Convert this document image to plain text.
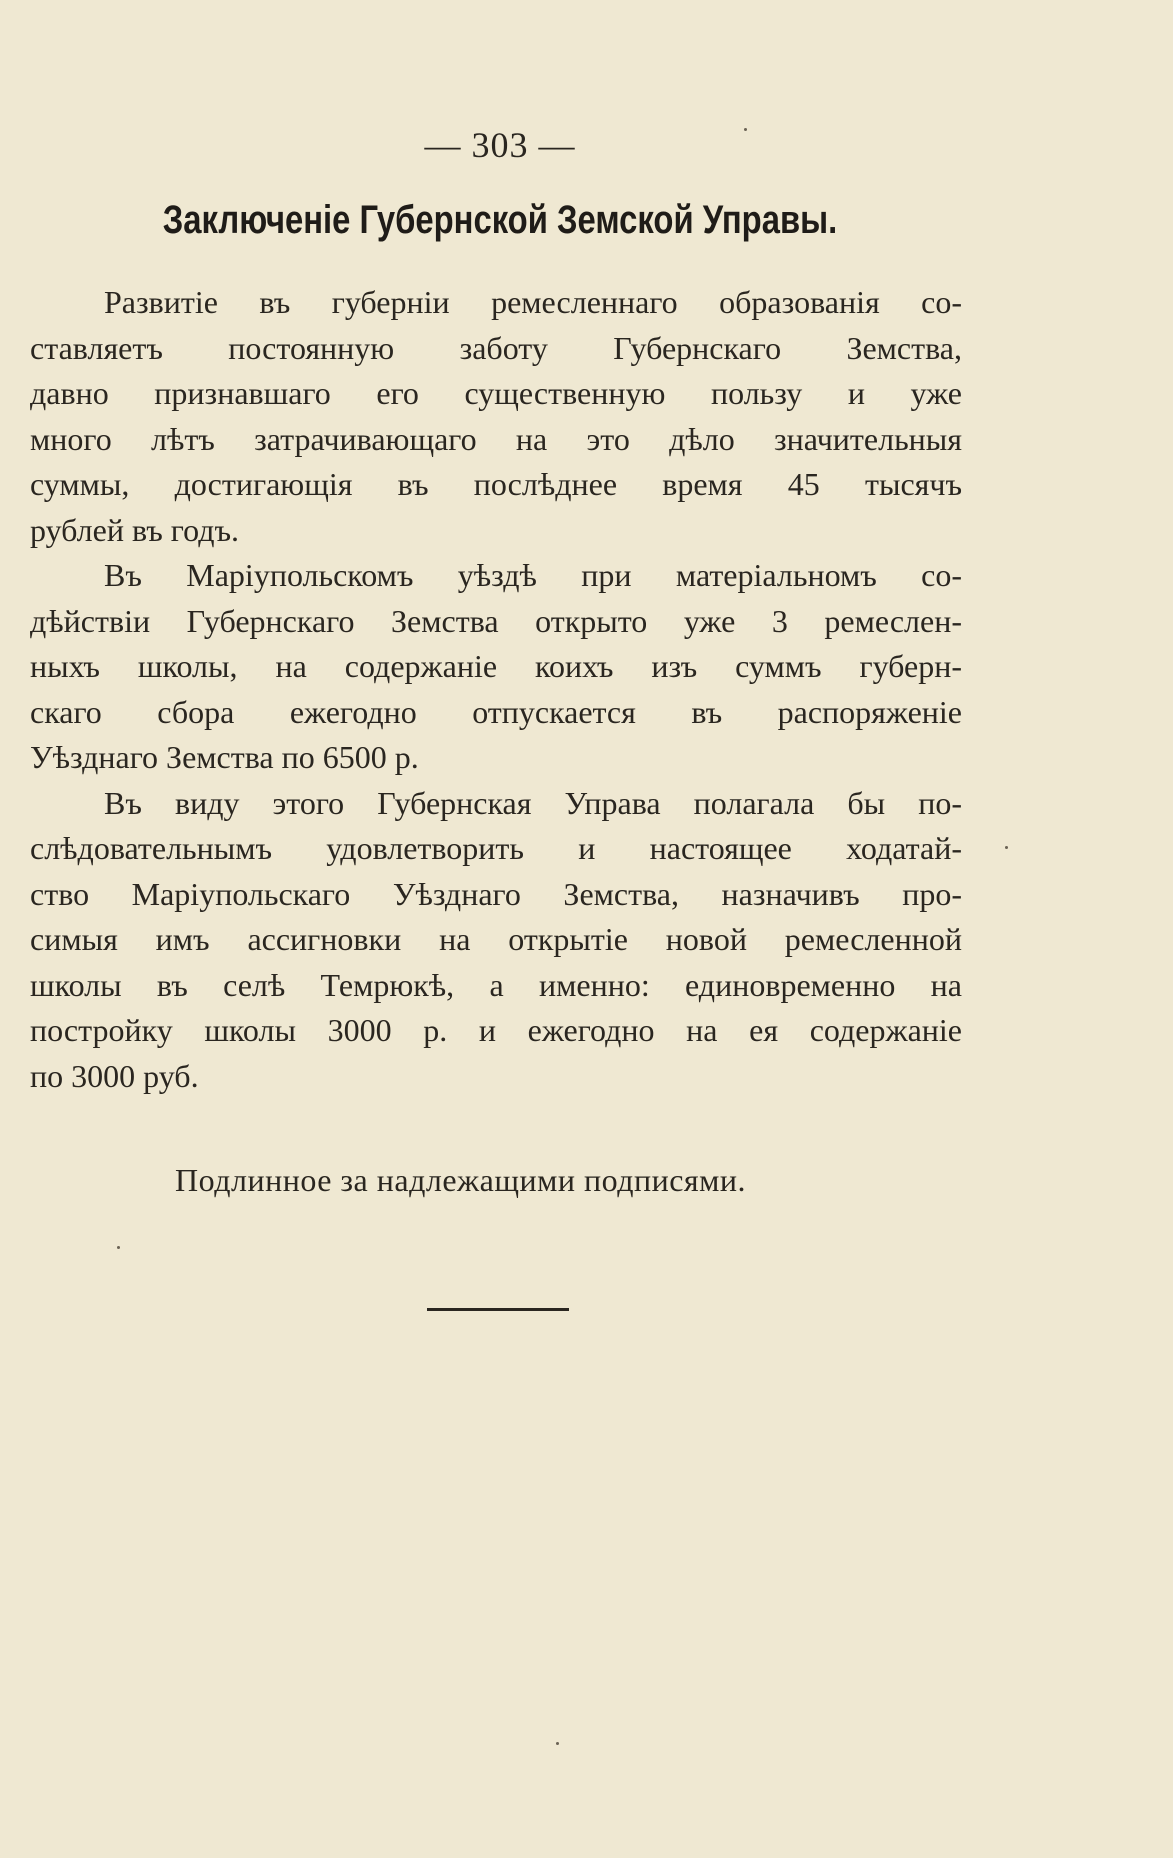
— 303 —
Заключеніе Губернской Земской Управы.

Развитіе въ губерніи ремесленнаго образованія со-
ставляетъ постоянную заботу Губернскаго Земства,
давно признавшаго его существенную пользу и уже
много лѣтъ затрачивающаго на это дѣло значительныя
суммы, достигающія въ послѣднее время 45 тысячъ
рублей въ годъ.

Въ Маріупольскомъ уѣздѣ при матеріальномъ со-
дѣйствіи Губернскаго Земства открыто уже 3 ремеслен-
ныхъ школы, на содержаніе коихъ изъ суммъ губерн-
скаго сбора ежегодно отпускается въ распоряженіе
Уѣзднаго Земства по 6500 р.

Въ виду этого Губернская Управа полагала бы по-
слѣдовательнымъ удовлетворить и настоящее ходатай-
ство Маріупольскаго Уѣзднаго Земства, назначивъ про-
симыя имъ ассигновки на открытіе новой ремесленной
школы въ селѣ Темрюкѣ, а именно: единовременно на
постройку школы 3000 р. и ежегодно на ея содержаніе
по 3000 руб.

Подлинное за надлежащими подписями.
